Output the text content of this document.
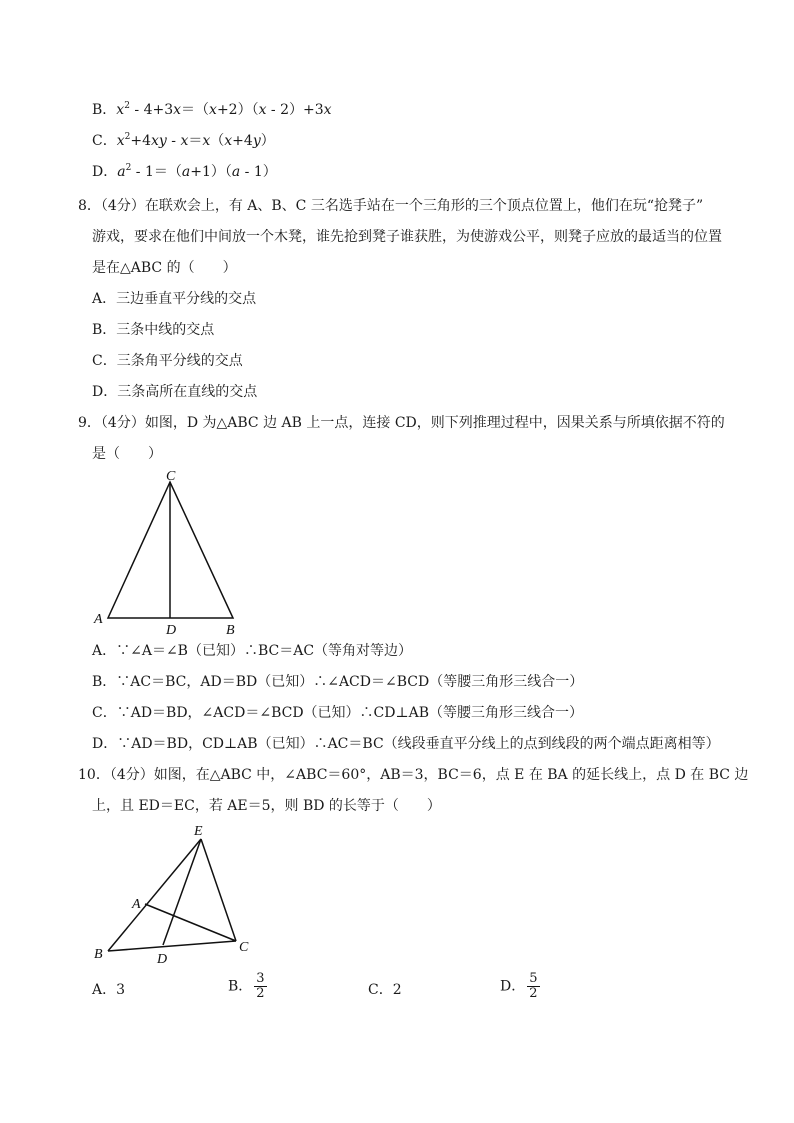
B．$x^2 - 4+3x=(x+2)(x - 2)+3x$
C．$x^2+4xy - x=x(x+4y)$
D．$a^2 - 1=(a+1)(a - 1)$
8．（4分）在联欢会上，有 A、B、C 三名选手站在一个三角形的三个顶点位置上，他们在玩“抢凳子”
游戏，要求在他们中间放一个木凳，谁先抢到凳子谁获胜，为使游戏公平，则凳子应放的最适当的位置
是在△ABC 的（　　）
A．三边垂直平分线的交点
B．三条中线的交点
C．三条角平分线的交点
D．三条高所在直线的交点
9．（4分）如图，D 为△ABC 边 AB 上一点，连接 CD，则下列推理过程中，因果关系与所填依据不符的
是（　　）
C
A
D	B
A．∵∠A＝∠B（已知）∴BC＝AC（等角对等边）
B．∵AC＝BC，AD＝BD（已知）∴∠ACD＝∠BCD（等腰三角形三线合一）
C．∵AD＝BD，∠ACD＝∠BCD（已知）∴CD⊥AB（等腰三角形三线合一）
D．∵AD＝BD，CD⊥AB（已知）∴AC＝BC（线段垂直平分线上的点到线段的两个端点距离相等）
10．（4分）如图，在△ABC 中，∠ABC＝60°，AB＝3，BC＝6，点 E 在 BA 的延长线上，点 D 在 BC 边
上，且 ED＝EC，若 AE＝5，则 BD 的长等于（　　）
E
A
B	D
C
A．3	B． $\frac{3}{2}$	C．2	D． $\frac{5}{2}$
